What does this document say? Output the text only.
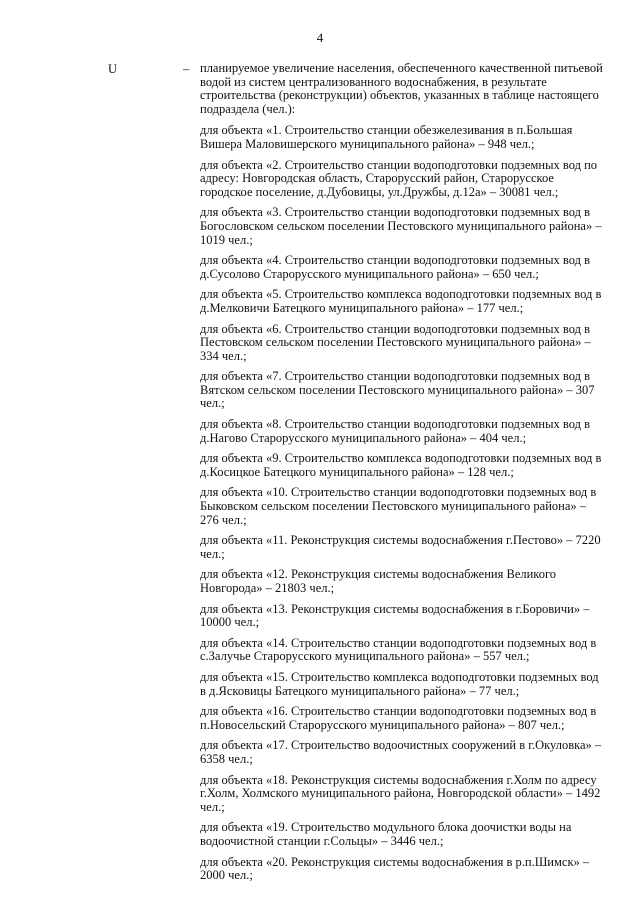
4
U	– планируемое увеличение населения, обеспеченного качественной питьевой водой из систем централизованного водоснабжения, в результате строительства (реконструкции) объектов, указанных в таблице настоящего подраздела (чел.):

для объекта «1. Строительство станции обезжелезивания в п.Большая Вишера Маловишерского муниципального района» – 948 чел.;

для объекта «2. Строительство станции водоподготовки подземных вод по адресу: Новгородская область, Старорусский район, Старорусское городское поселение, д.Дубовицы, ул.Дружбы, д.12а» – 30081 чел.;

для объекта «3. Строительство станции водоподготовки подземных вод в Богословском сельском поселении Пестовского муниципального района» – 1019 чел.;

для объекта «4. Строительство станции водоподготовки подземных вод в д.Сусолово Старорусского муниципального района» – 650 чел.;

для объекта «5. Строительство комплекса водоподготовки подземных вод в д.Мелковичи Батецкого муниципального района» – 177 чел.;

для объекта «6. Строительство станции водоподготовки подземных вод в Пестовском сельском поселении Пестовского муниципального района» – 334 чел.;

для объекта «7. Строительство станции водоподготовки подземных вод в Вятском сельском поселении Пестовского муниципального района» – 307 чел.;

для объекта «8. Строительство станции водоподготовки подземных вод в д.Нагово Старорусского муниципального района» – 404 чел.;

для объекта «9. Строительство комплекса водоподготовки подземных вод в д.Косицкое Батецкого муниципального района» – 128 чел.;

для объекта «10. Строительство станции водоподготовки подземных вод в Быковском сельском поселении Пестовского муниципального района» – 276 чел.;

для объекта «11. Реконструкция системы водоснабжения г.Пестово» – 7220 чел.;

для объекта «12. Реконструкция системы водоснабжения Великого Новгорода» – 21803 чел.;

для объекта «13. Реконструкция системы водоснабжения в г.Боровичи» – 10000 чел.;

для объекта «14. Строительство станции водоподготовки подземных вод в с.Залучье Старорусского муниципального района» – 557 чел.;

для объекта «15. Строительство комплекса водоподготовки подземных вод в д.Ясковицы Батецкого муниципального района» – 77 чел.;

для объекта «16. Строительство станции водоподготовки подземных вод в п.Новосельский Старорусского муниципального района» – 807 чел.;

для объекта «17. Строительство водоочистных сооружений в г.Окуловка» – 6358 чел.;

для объекта «18. Реконструкция системы водоснабжения г.Холм по адресу г.Холм, Холмского муниципального района, Новгородской области» – 1492 чел.;

для объекта «19. Строительство модульного блока доочистки воды на водоочистной станции г.Сольцы» – 3446 чел.;

для объекта «20. Реконструкция системы водоснабжения в р.п.Шимск» – 2000 чел.;
